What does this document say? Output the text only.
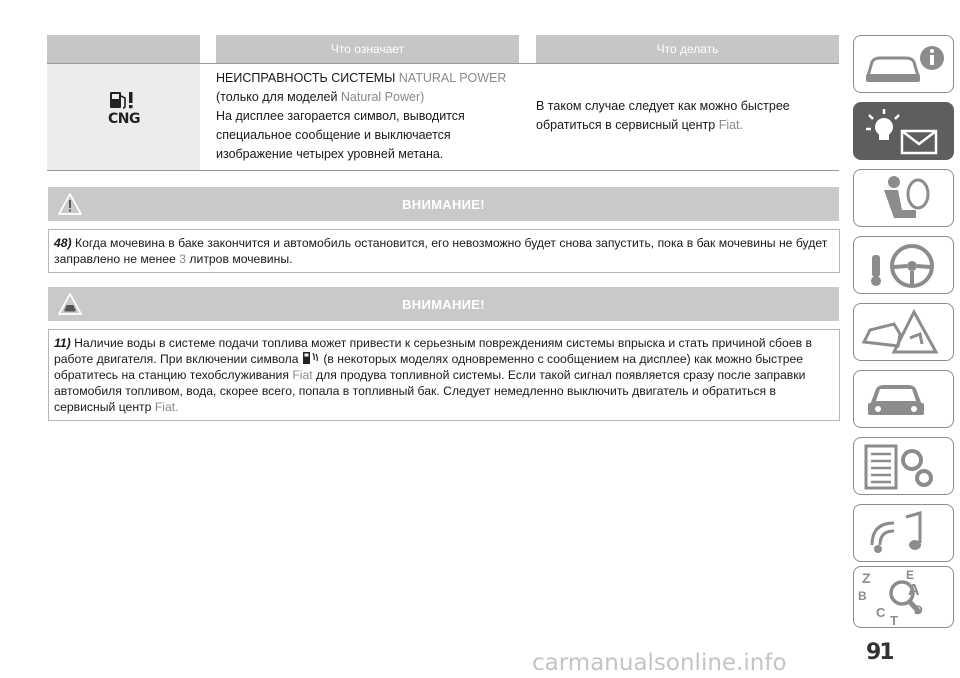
Что означает	Что делать
CNG
НЕИСПРАВНОСТЬ СИСТЕМЫ NATURAL POWER
(только для моделей Natural Power)
На дисплее загорается символ, выводится
специальное сообщение и выключается
изображение четырех уровней метана.
В таком случае следует как можно быстрее
обратиться в сервисный центр Fiat.
ВНИМАНИЕ!
48) Когда мочевина в баке закончится и автомобиль остановится, его невозможно будет снова запустить, пока в бак мочевины не будет заправлено не менее 3 литров мочевины.
ВНИМАНИЕ!
11) Наличие воды в системе подачи топлива может привести к серьезным повреждениям системы впрыска и стать причиной сбоев в работе двигателя. При включении символа  (в некоторых моделях одновременно с сообщением на дисплее) как можно быстрее обратитесь на станцию техобслуживания Fiat для продува топливной системы. Если такой сигнал появляется сразу после заправки автомобиля топливом, вода, скорее всего, попала в топливный бак. Следует немедленно выключить двигатель и обратиться в сервисный центр Fiat.
Z	E
A
B
C D
T
91
carmanualsonline.info
